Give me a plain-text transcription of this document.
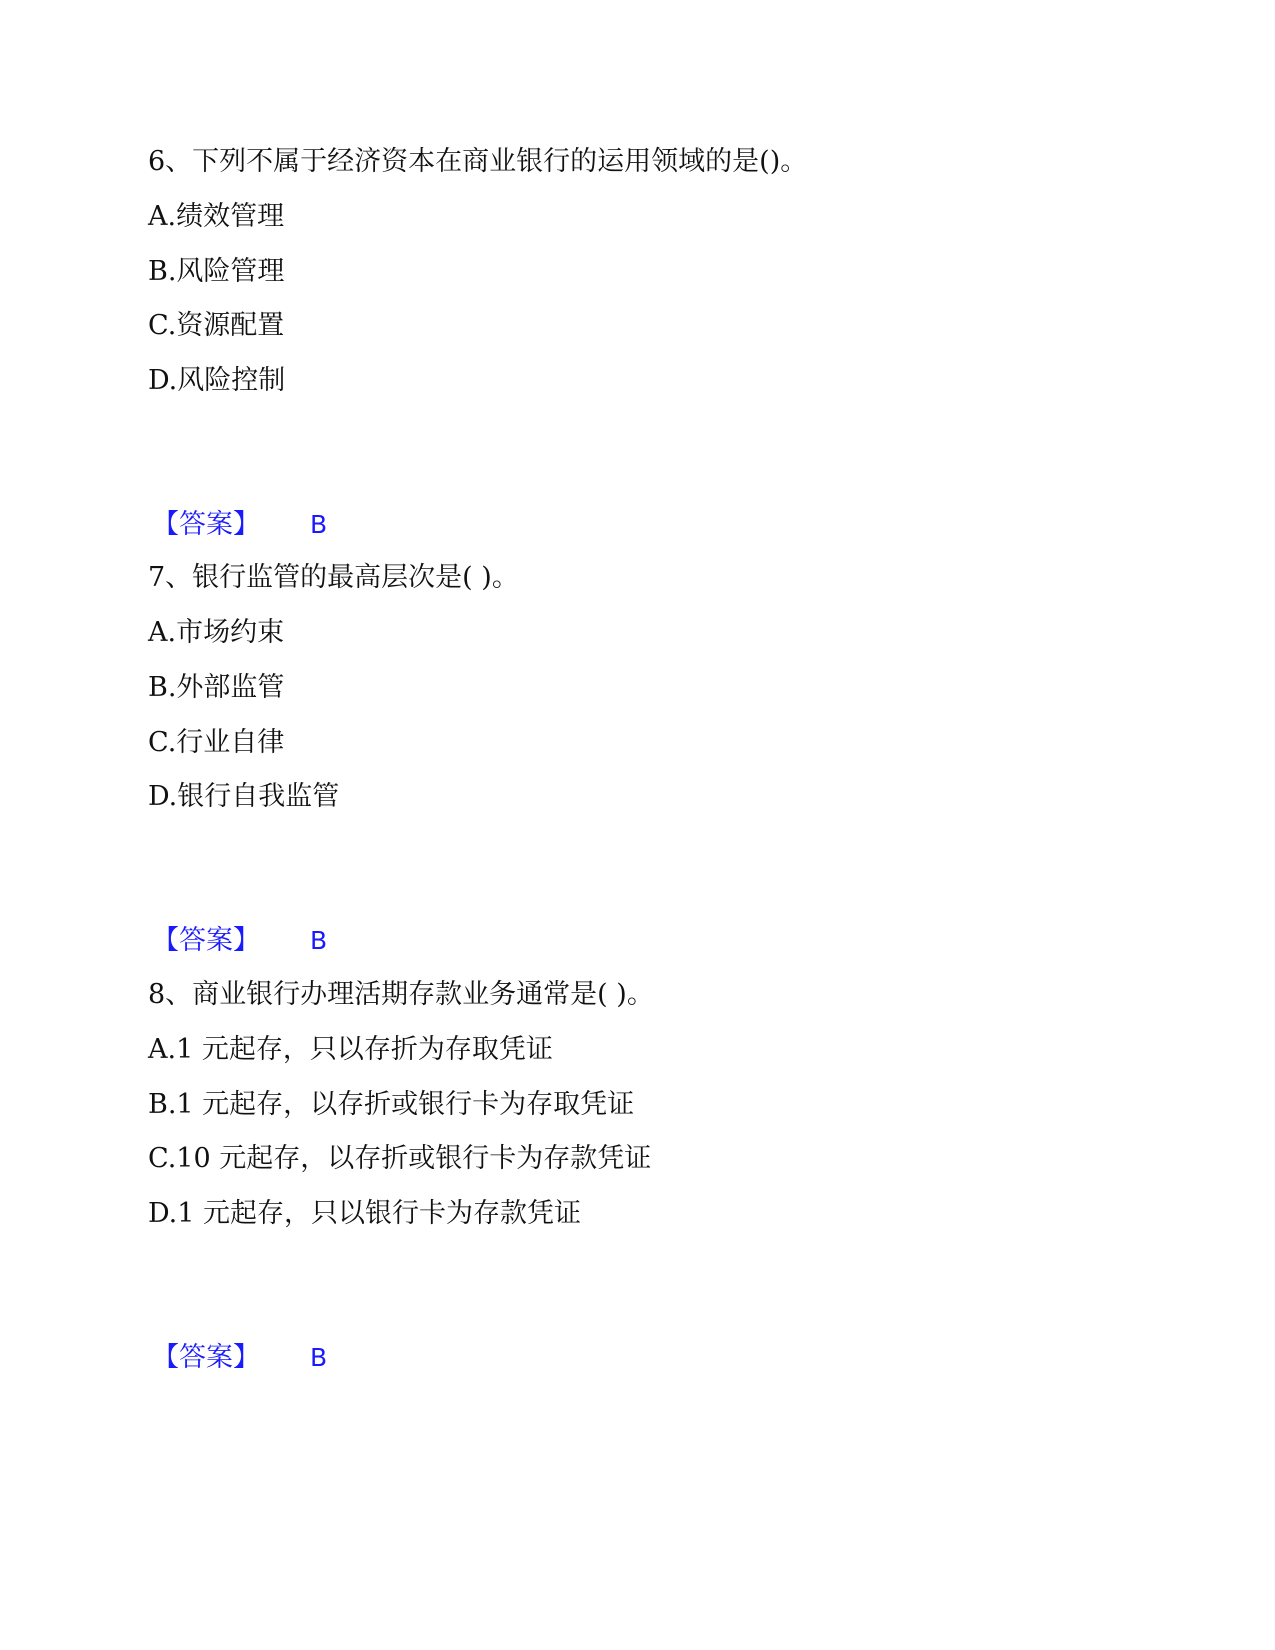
6、下列不属于经济资本在商业银行的运用领域的是()。
A.绩效管理
B.风险管理
C.资源配置
D.风险控制
【答案】 B
7、银行监管的最高层次是( )。
A.市场约束
B.外部监管
C.行业自律
D.银行自我监管
【答案】 B
8、商业银行办理活期存款业务通常是( )。
A.1 元起存，只以存折为存取凭证
B.1 元起存，以存折或银行卡为存取凭证
C.10 元起存，以存折或银行卡为存款凭证
D.1 元起存，只以银行卡为存款凭证
【答案】 B
